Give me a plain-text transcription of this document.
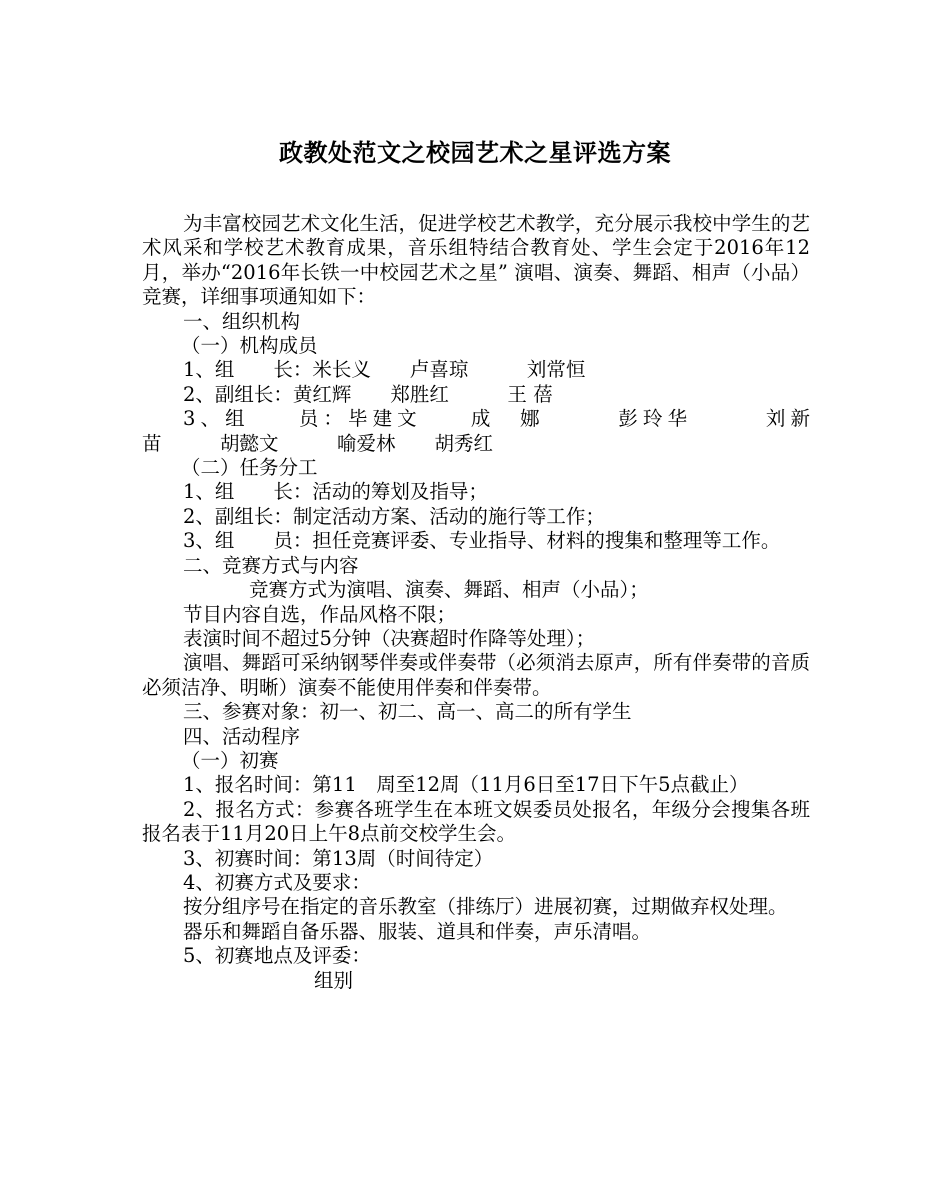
政教处范文之校园艺术之星评选方案

为丰富校园艺术文化生活，促进学校艺术教学，充分展示我校中学生的艺术风采和学校艺术教育成果，音乐组特结合教育处、学生会定于2016年12月，举办“2016年长铁一中校园艺术之星” 演唱、演奏、舞蹈、相声（小品）竞赛，详细事项通知如下：

一、组织机构

（一）机构成员

1、组　　长：米长义　　卢喜琼　　　刘常恒

2、副组长：黄红辉　　郑胜红　　　王 蓓

3、组　　员：毕建文　　成　娜　　　彭玲华　　　刘新

苗　　　胡懿文　　　喻爱林　　胡秀红

（二）任务分工

1、组　　长：活动的筹划及指导；

2、副组长：制定活动方案、活动的施行等工作；

3、组　　员：担任竞赛评委、专业指导、材料的搜集和整理等工作。

二、竞赛方式与内容

竞赛方式为演唱、演奏、舞蹈、相声（小品）；

节目内容自选，作品风格不限；

表演时间不超过5分钟（决赛超时作降等处理）；

演唱、舞蹈可采纳钢琴伴奏或伴奏带（必须消去原声，所有伴奏带的音质必须洁净、明晰）演奏不能使用伴奏和伴奏带。

三、参赛对象：初一、初二、高一、高二的所有学生

四、活动程序

（一）初赛

1、报名时间：第11　周至12周（11月6日至17日下午5点截止）

2、报名方式：参赛各班学生在本班文娱委员处报名，年级分会搜集各班报名表于11月20日上午8点前交校学生会。

3、初赛时间：第13周（时间待定）

4、初赛方式及要求：

按分组序号在指定的音乐教室（排练厅）进展初赛，过期做弃权处理。

器乐和舞蹈自备乐器、服装、道具和伴奏，声乐清唱。

5、初赛地点及评委：

组别
